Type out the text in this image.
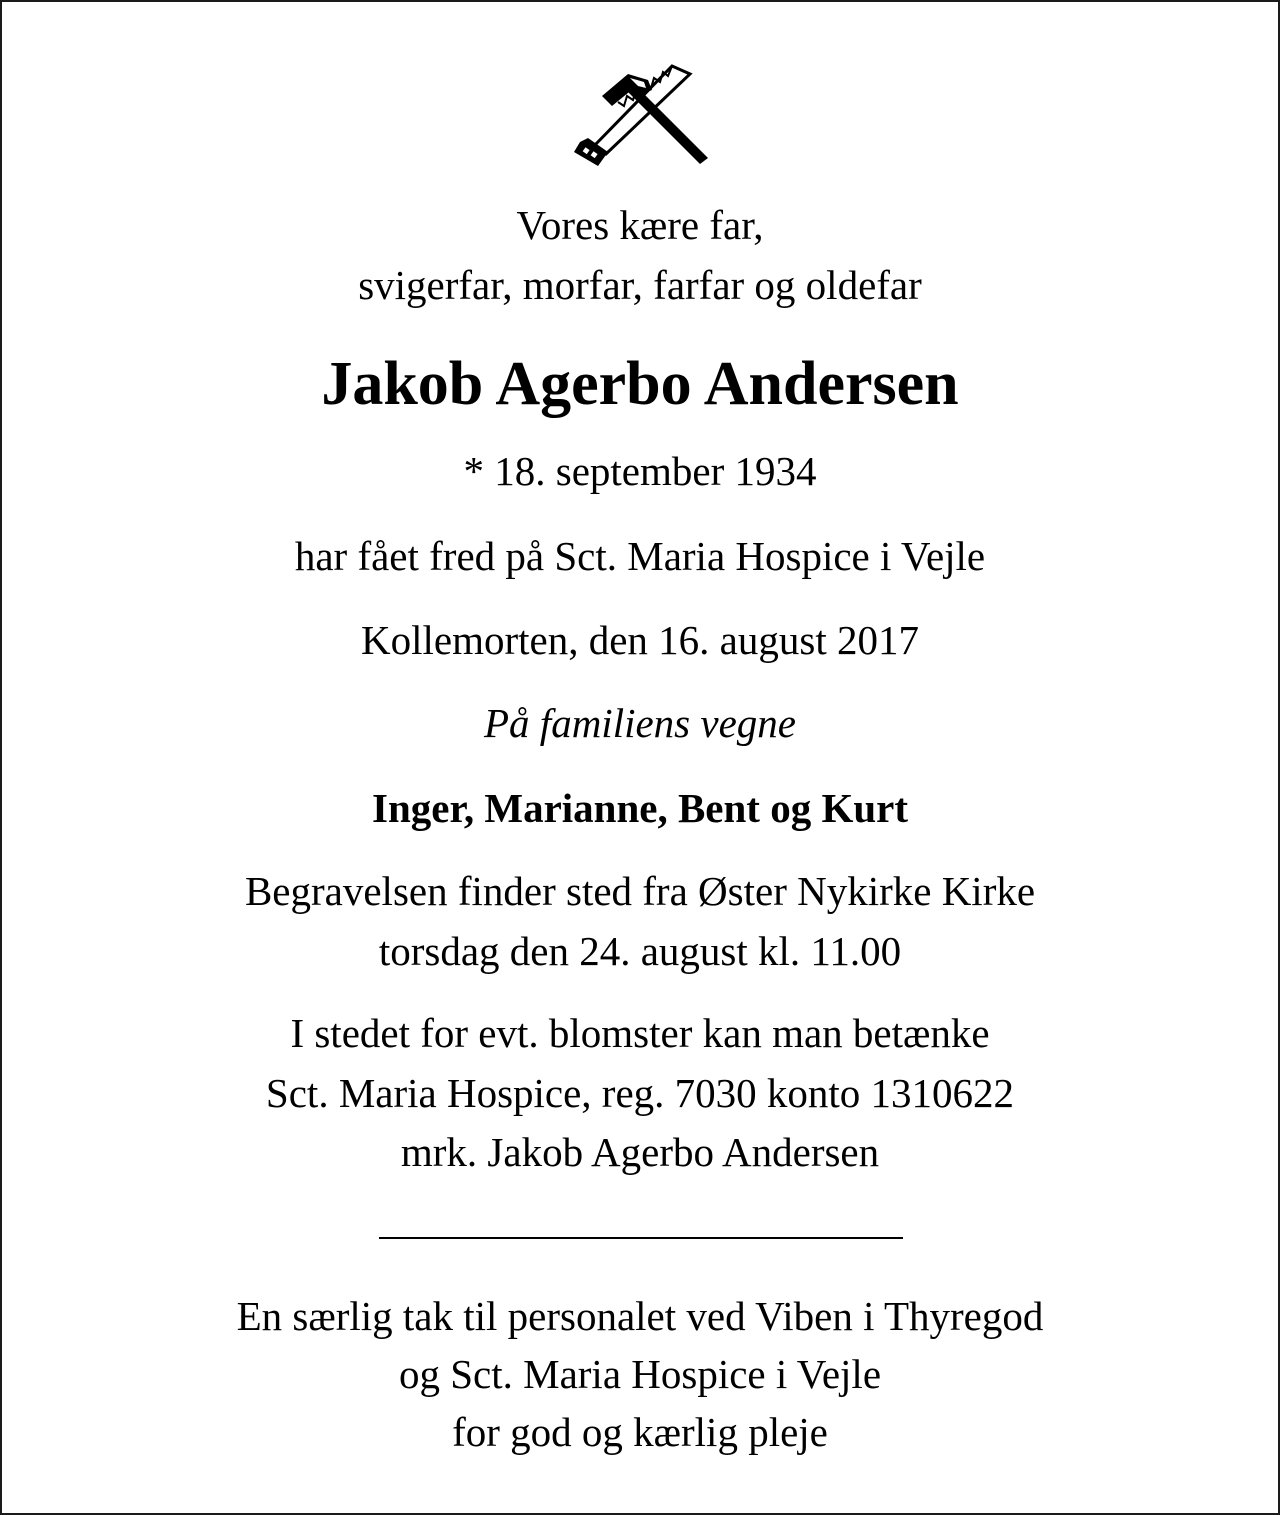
Vores kære far,
svigerfar, morfar, farfar og oldefar
Jakob Agerbo Andersen
* 18. september 1934
har fået fred på Sct. Maria Hospice i Vejle
Kollemorten, den 16. august 2017
På familiens vegne
Inger, Marianne, Bent og Kurt
Begravelsen finder sted fra Øster Nykirke Kirke
torsdag den 24. august kl. 11.00
I stedet for evt. blomster kan man betænke
Sct. Maria Hospice, reg. 7030 konto 1310622
mrk. Jakob Agerbo Andersen
En særlig tak til personalet ved Viben i Thyregod
og Sct. Maria Hospice i Vejle
for god og kærlig pleje
